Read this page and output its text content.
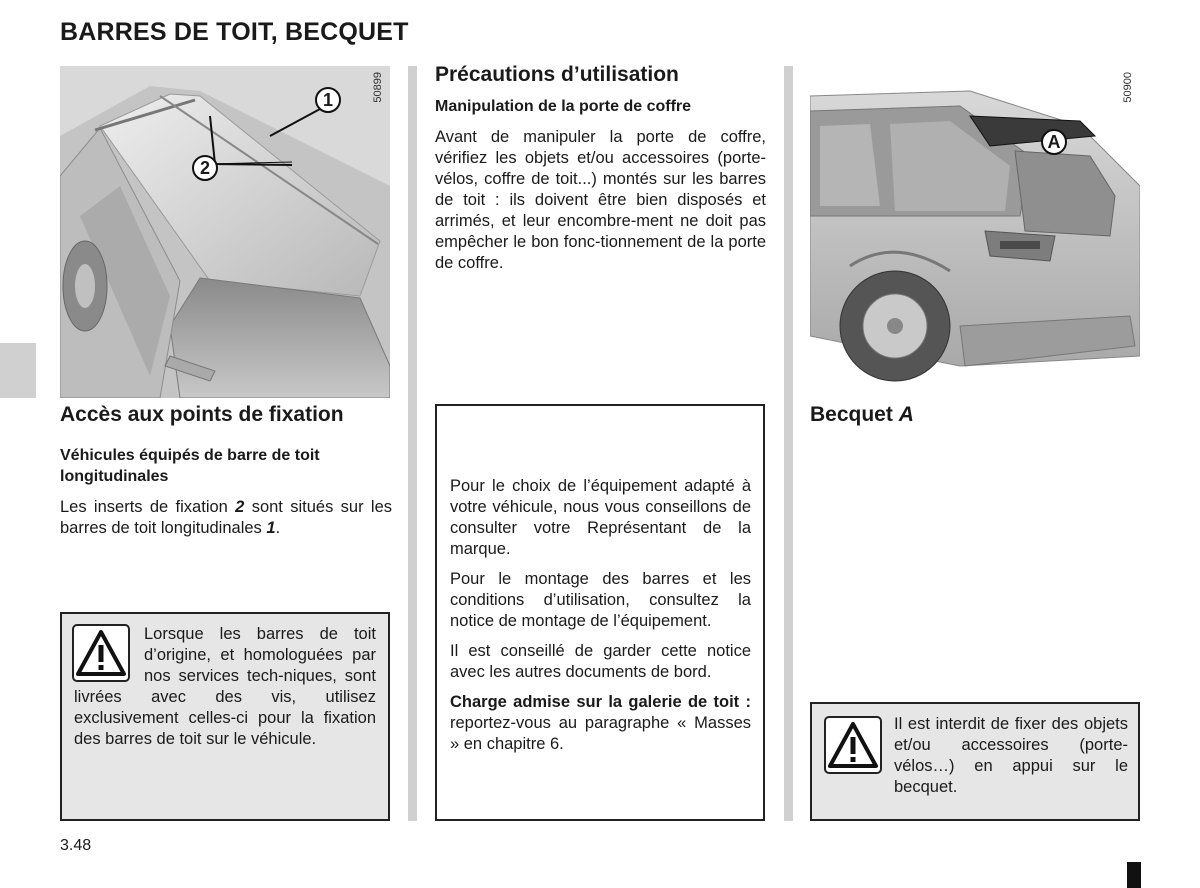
BARRES DE TOIT, BECQUET
1
2
50899
Accès aux points de fixation
Véhicules équipés de barre de toit longitudinales
Les inserts de fixation 2 sont situés sur les barres de toit longitudinales 1.
Lorsque les barres de toit d’origine, et homologuées par nos services tech-niques, sont livrées avec des vis, utilisez exclusivement celles-ci pour la fixation des barres de toit sur le véhicule.
Précautions d’utilisation
Manipulation de la porte de coffre
Avant de manipuler la porte de coffre, vérifiez les objets et/ou accessoires (porte-vélos, coffre de toit...) montés sur les barres de toit : ils doivent être bien disposés et arrimés, et leur encombre-ment ne doit pas empêcher le bon fonc-tionnement de la porte de coffre.

Pour le choix de l’équipement adapté à votre véhicule, nous vous conseillons de consulter votre Représentant de la marque.

Pour le montage des barres et les conditions d’utilisation, consultez la notice de montage de l’équipement.

Il est conseillé de garder cette notice avec les autres documents de bord.

Charge admise sur la galerie de toit : reportez-vous au paragraphe « Masses » en chapitre 6.

A
50900
Becquet A
Il est interdit de fixer des objets et/ou accessoires (porte-vélos…) en appui sur le becquet.
3.48
